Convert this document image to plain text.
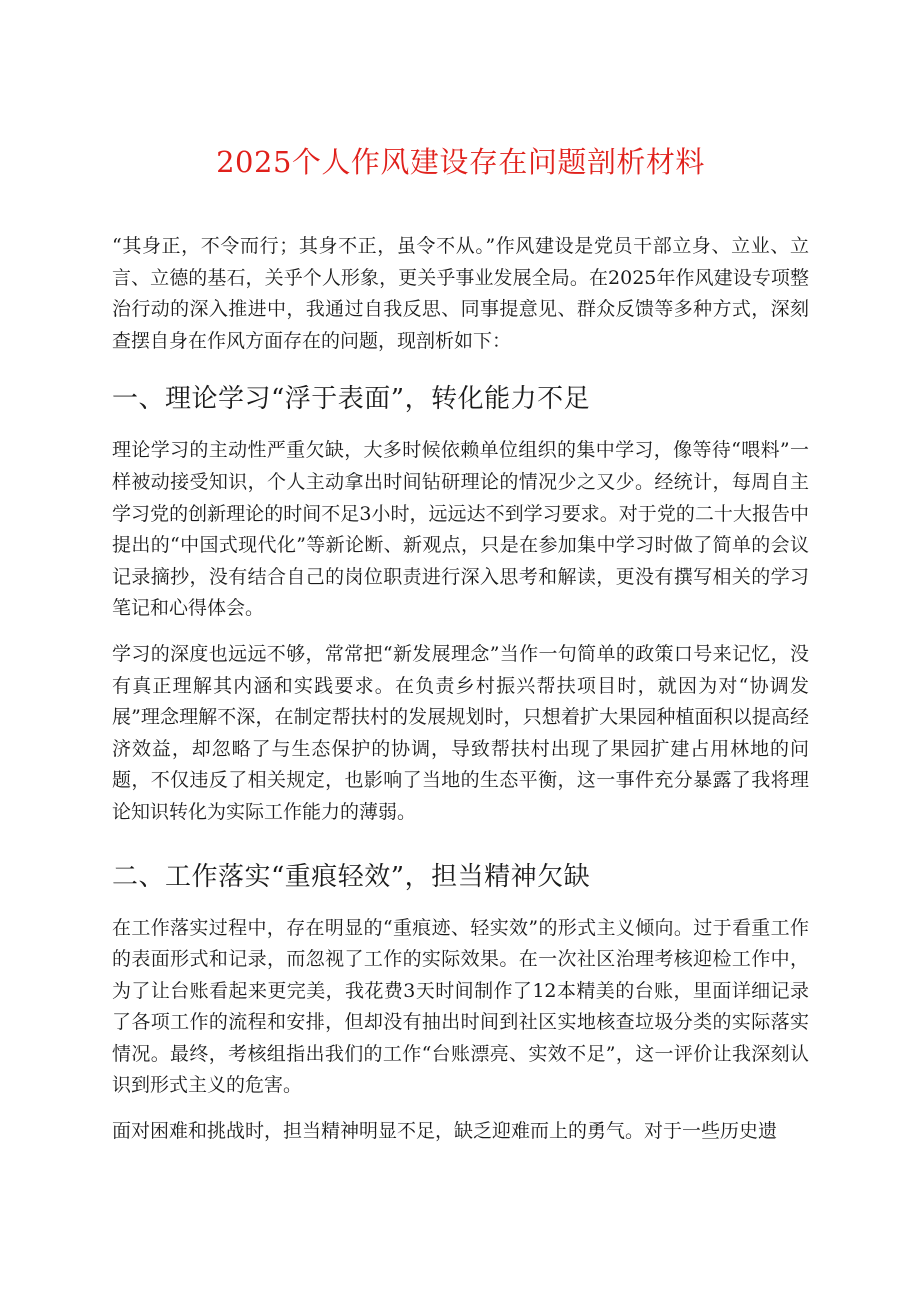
2025个人作风建设存在问题剖析材料

“其身正，不令而行；其身不正，虽令不从。”作风建设是党员干部立身、立业、立言、立德的基石，关乎个人形象，更关乎事业发展全局。在2025年作风建设专项整治行动的深入推进中，我通过自我反思、同事提意见、群众反馈等多种方式，深刻查摆自身在作风方面存在的问题，现剖析如下：

一、理论学习“浮于表面”，转化能力不足

理论学习的主动性严重欠缺，大多时候依赖单位组织的集中学习，像等待“喂料”一样被动接受知识，个人主动拿出时间钻研理论的情况少之又少。经统计，每周自主学习党的创新理论的时间不足3小时，远远达不到学习要求。对于党的二十大报告中提出的“中国式现代化”等新论断、新观点，只是在参加集中学习时做了简单的会议记录摘抄，没有结合自己的岗位职责进行深入思考和解读，更没有撰写相关的学习笔记和心得体会。

学习的深度也远远不够，常常把“新发展理念”当作一句简单的政策口号来记忆，没有真正理解其内涵和实践要求。在负责乡村振兴帮扶项目时，就因为对“协调发展”理念理解不深，在制定帮扶村的发展规划时，只想着扩大果园种植面积以提高经济效益，却忽略了与生态保护的协调，导致帮扶村出现了果园扩建占用林地的问题，不仅违反了相关规定，也影响了当地的生态平衡，这一事件充分暴露了我将理论知识转化为实际工作能力的薄弱。

二、工作落实“重痕轻效”，担当精神欠缺

在工作落实过程中，存在明显的“重痕迹、轻实效”的形式主义倾向。过于看重工作的表面形式和记录，而忽视了工作的实际效果。在一次社区治理考核迎检工作中，为了让台账看起来更完美，我花费3天时间制作了12本精美的台账，里面详细记录了各项工作的流程和安排，但却没有抽出时间到社区实地核查垃圾分类的实际落实情况。最终，考核组指出我们的工作“台账漂亮、实效不足”，这一评价让我深刻认识到形式主义的危害。

面对困难和挑战时，担当精神明显不足，缺乏迎难而上的勇气。对于一些历史遗
